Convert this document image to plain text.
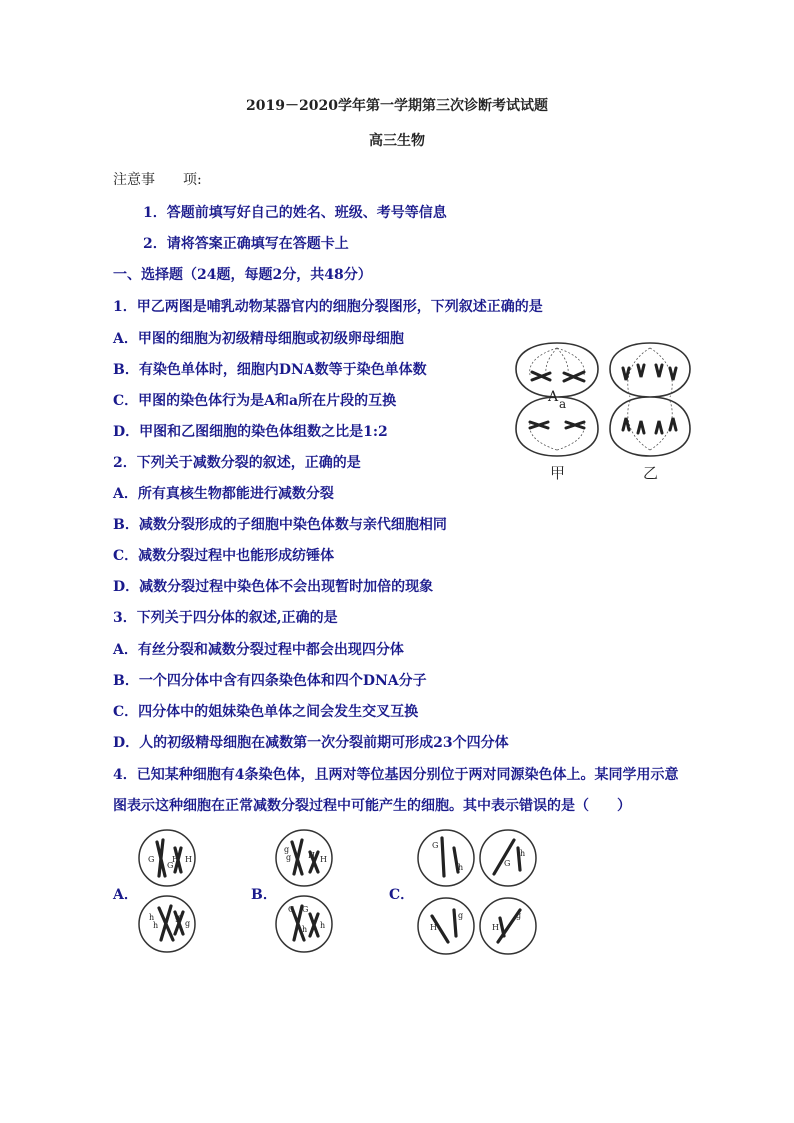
2019－2020学年第一学期第三次诊断考试试题
高三生物
注意事　　项:
1．答题前填写好自己的姓名、班级、考号等信息
2．请将答案正确填写在答题卡上
一、选择题（24题，每题2分，共48分）
1．甲乙两图是哺乳动物某器官内的细胞分裂图形，下列叙述正确的是
A．甲图的细胞为初级精母细胞或初级卵母细胞
B．有染色单体时，细胞内DNA数等于染色单体数
C．甲图的染色体行为是A和a所在片段的互换
D．甲图和乙图细胞的染色体组数之比是1:2
A a
甲	乙
2．下列关于减数分裂的叙述，正确的是
A．所有真核生物都能进行减数分裂
B．减数分裂形成的子细胞中染色体数与亲代细胞相同
C．减数分裂过程中也能形成纺锤体
D．减数分裂过程中染色体不会出现暂时加倍的现象
3．下列关于四分体的叙述,正确的是
A．有丝分裂和减数分裂过程中都会出现四分体
B．一个四分体中含有四条染色体和四个DNA分子
C．四分体中的姐妹染色单体之间会发生交叉互换
D．人的初级精母细胞在减数第一次分裂前期可形成23个四分体
4．已知某种细胞有4条染色体，且两对等位基因分别位于两对同源染色体上。某同学用示意
图表示这种细胞在正常减数分裂过程中可能产生的细胞。其中表示错误的是（　　）
A．	B．	C．
G
G
H H
h	g
h	g
g
g H H
G G
h h
G
h	G
h
H
g
H
g
